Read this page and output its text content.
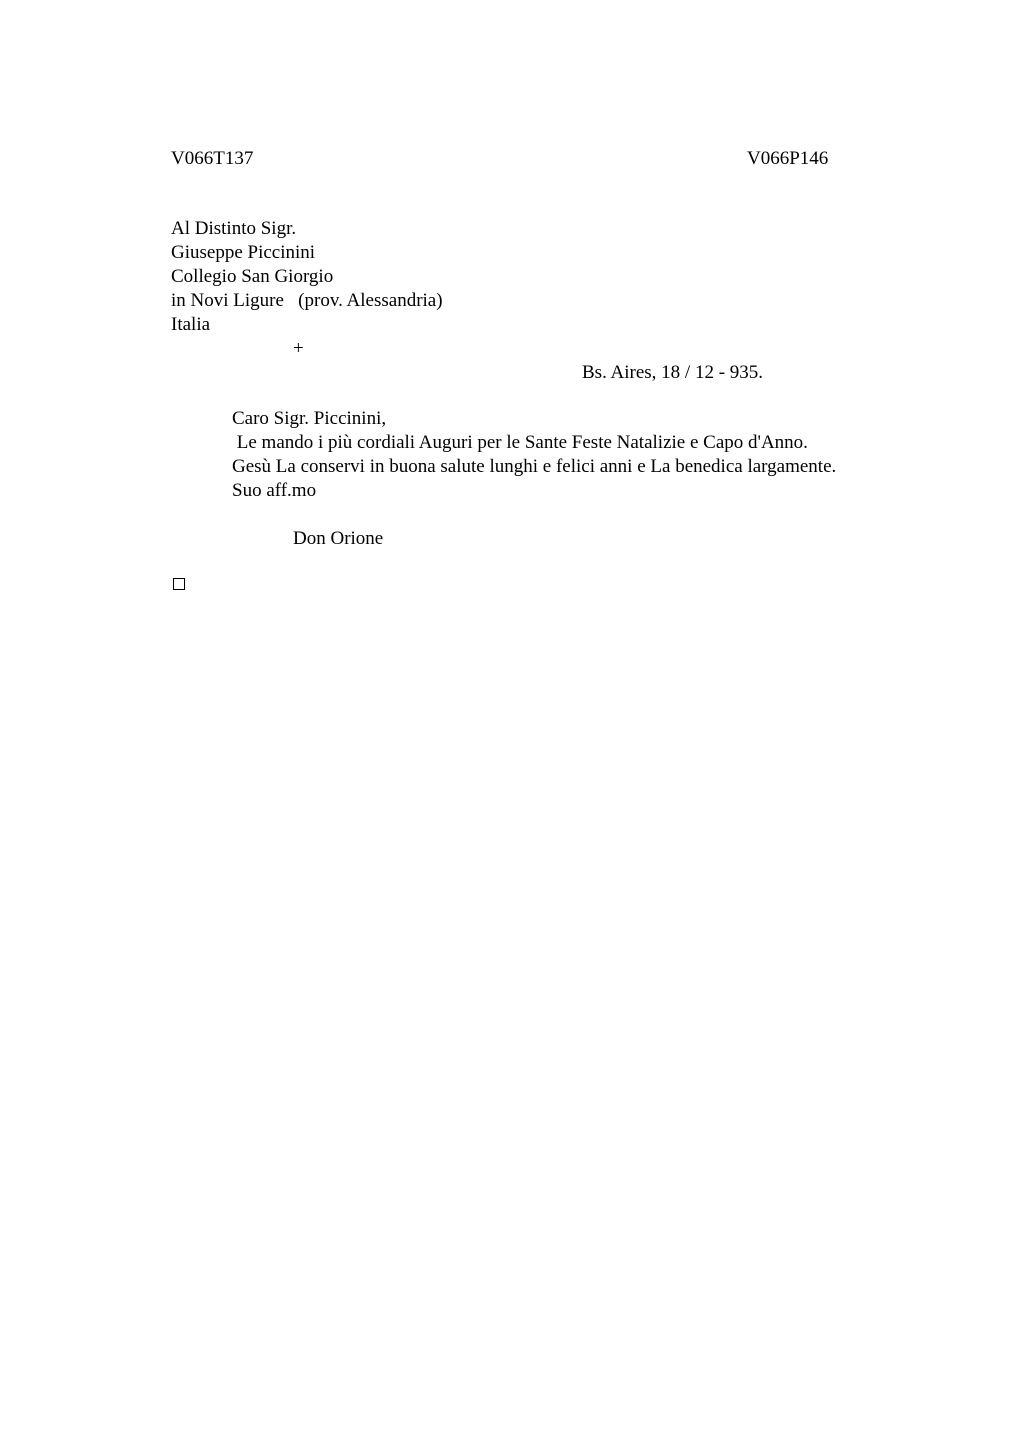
V066T137	V066P146
Al Distinto Sigr.
Giuseppe Piccinini
Collegio San Giorgio
in Novi Ligure   (prov. Alessandria)
Italia
+
Bs. Aires, 18 / 12 - 935.
Caro Sigr. Piccinini,
Le mando i più cordiali Auguri per le Sante Feste Natalizie e Capo d'Anno.
Gesù La conservi in buona salute lunghi e felici anni e La benedica largamente.
Suo aff.mo
Don Orione
